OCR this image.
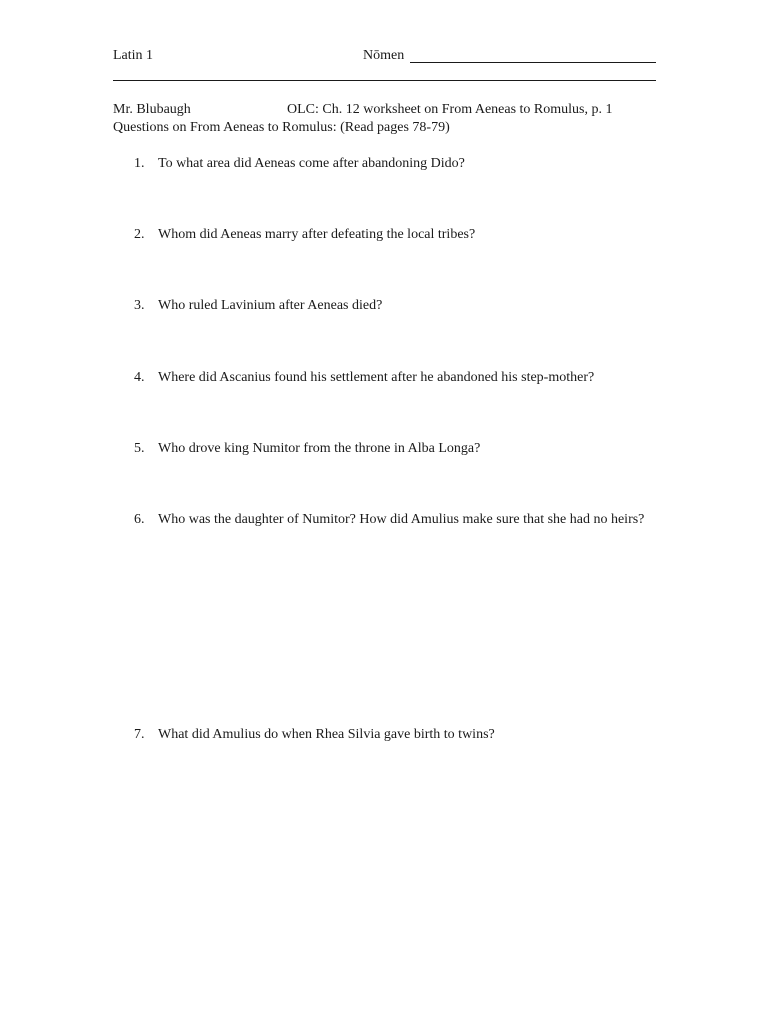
Latin 1	Nōmen
Mr. Blubaugh	OLC: Ch. 12 worksheet on From Aeneas to Romulus, p. 1
Questions on From Aeneas to Romulus: (Read pages 78-79)
1. To what area did Aeneas come after abandoning Dido?
2. Whom did Aeneas marry after defeating the local tribes?
3. Who ruled Lavinium after Aeneas died?
4. Where did Ascanius found his settlement after he abandoned his step-mother?
5. Who drove king Numitor from the throne in Alba Longa?
6. Who was the daughter of Numitor? How did Amulius make sure that she had no heirs?
7. What did Amulius do when Rhea Silvia gave birth to twins?
